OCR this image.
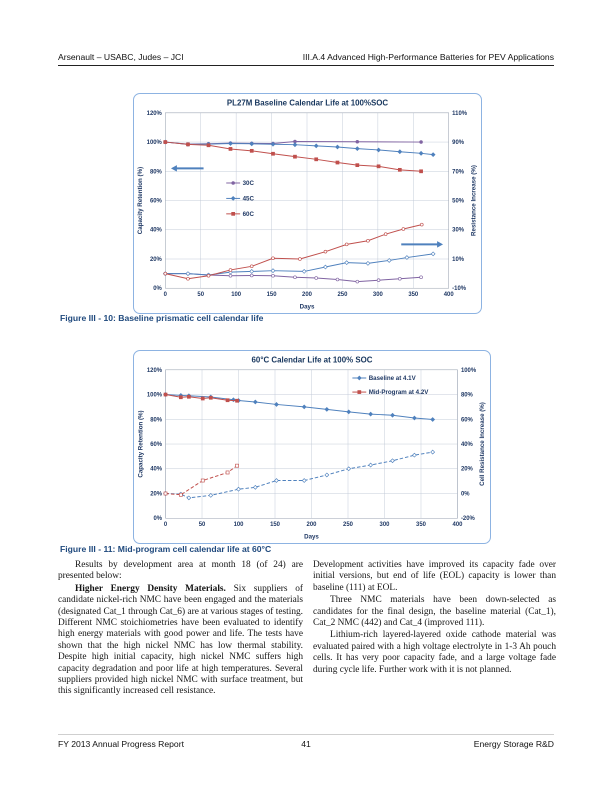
Arsenault – USABC, Judes – JCI	III.A.4 Advanced High-Performance Batteries for PEV Applications
0%
20%
40%
60%
80%
100%
120%
-10%
10%
30%
50%
70%
90%
110%
0	50 100 150 200 250 300 350 400
30C
45C
60C
PL27M Baseline Calendar Life at 100%SOC
Days
Capacity Retention (%)	Resistance Increase (%)
Figure III - 10: Baseline prismatic cell calendar life
0%
20%
40%
60%
80%
100%
120%
-20%
0%
20%
40%
60%
80%
100%
0	50 100 150 200 250 300 350 400
Baseline at 4.1V
Mid-Program at 4.2V
60°C Calendar Life at 100% SOC
Days
Capacity Retention (%)	Cell Resistance Increase (%)
Figure III - 11: Mid-program cell calendar life at 60°C

Results by development area at month 18 (of 24) are presented below:

Higher Energy Density Materials. Six suppliers of candidate nickel-rich NMC have been engaged and the materials (designated Cat_1 through Cat_6) are at various stages of testing. Different NMC stoichiometries have been evaluated to identify high energy materials with good power and life. The tests have shown that the high nickel NMC has low thermal stability. Despite high initial capacity, high nickel NMC suffers high capacity degradation and poor life at high temperatures. Several suppliers provided high nickel NMC with surface treatment, but this significantly increased cell resistance.

Development activities have improved its capacity fade over initial versions, but end of life (EOL) capacity is lower than baseline (111) at EOL.

Three NMC materials have been down-selected as candidates for the final design, the baseline material (Cat_1), Cat_2 NMC (442) and Cat_4 (improved 111).

Lithium-rich layered-layered oxide cathode material was evaluated paired with a high voltage electrolyte in 1-3 Ah pouch cells. It has very poor capacity fade, and a large voltage fade during cycle life. Further work with it is not planned.

41
FY 2013 Annual Progress Report	Energy Storage R&D
